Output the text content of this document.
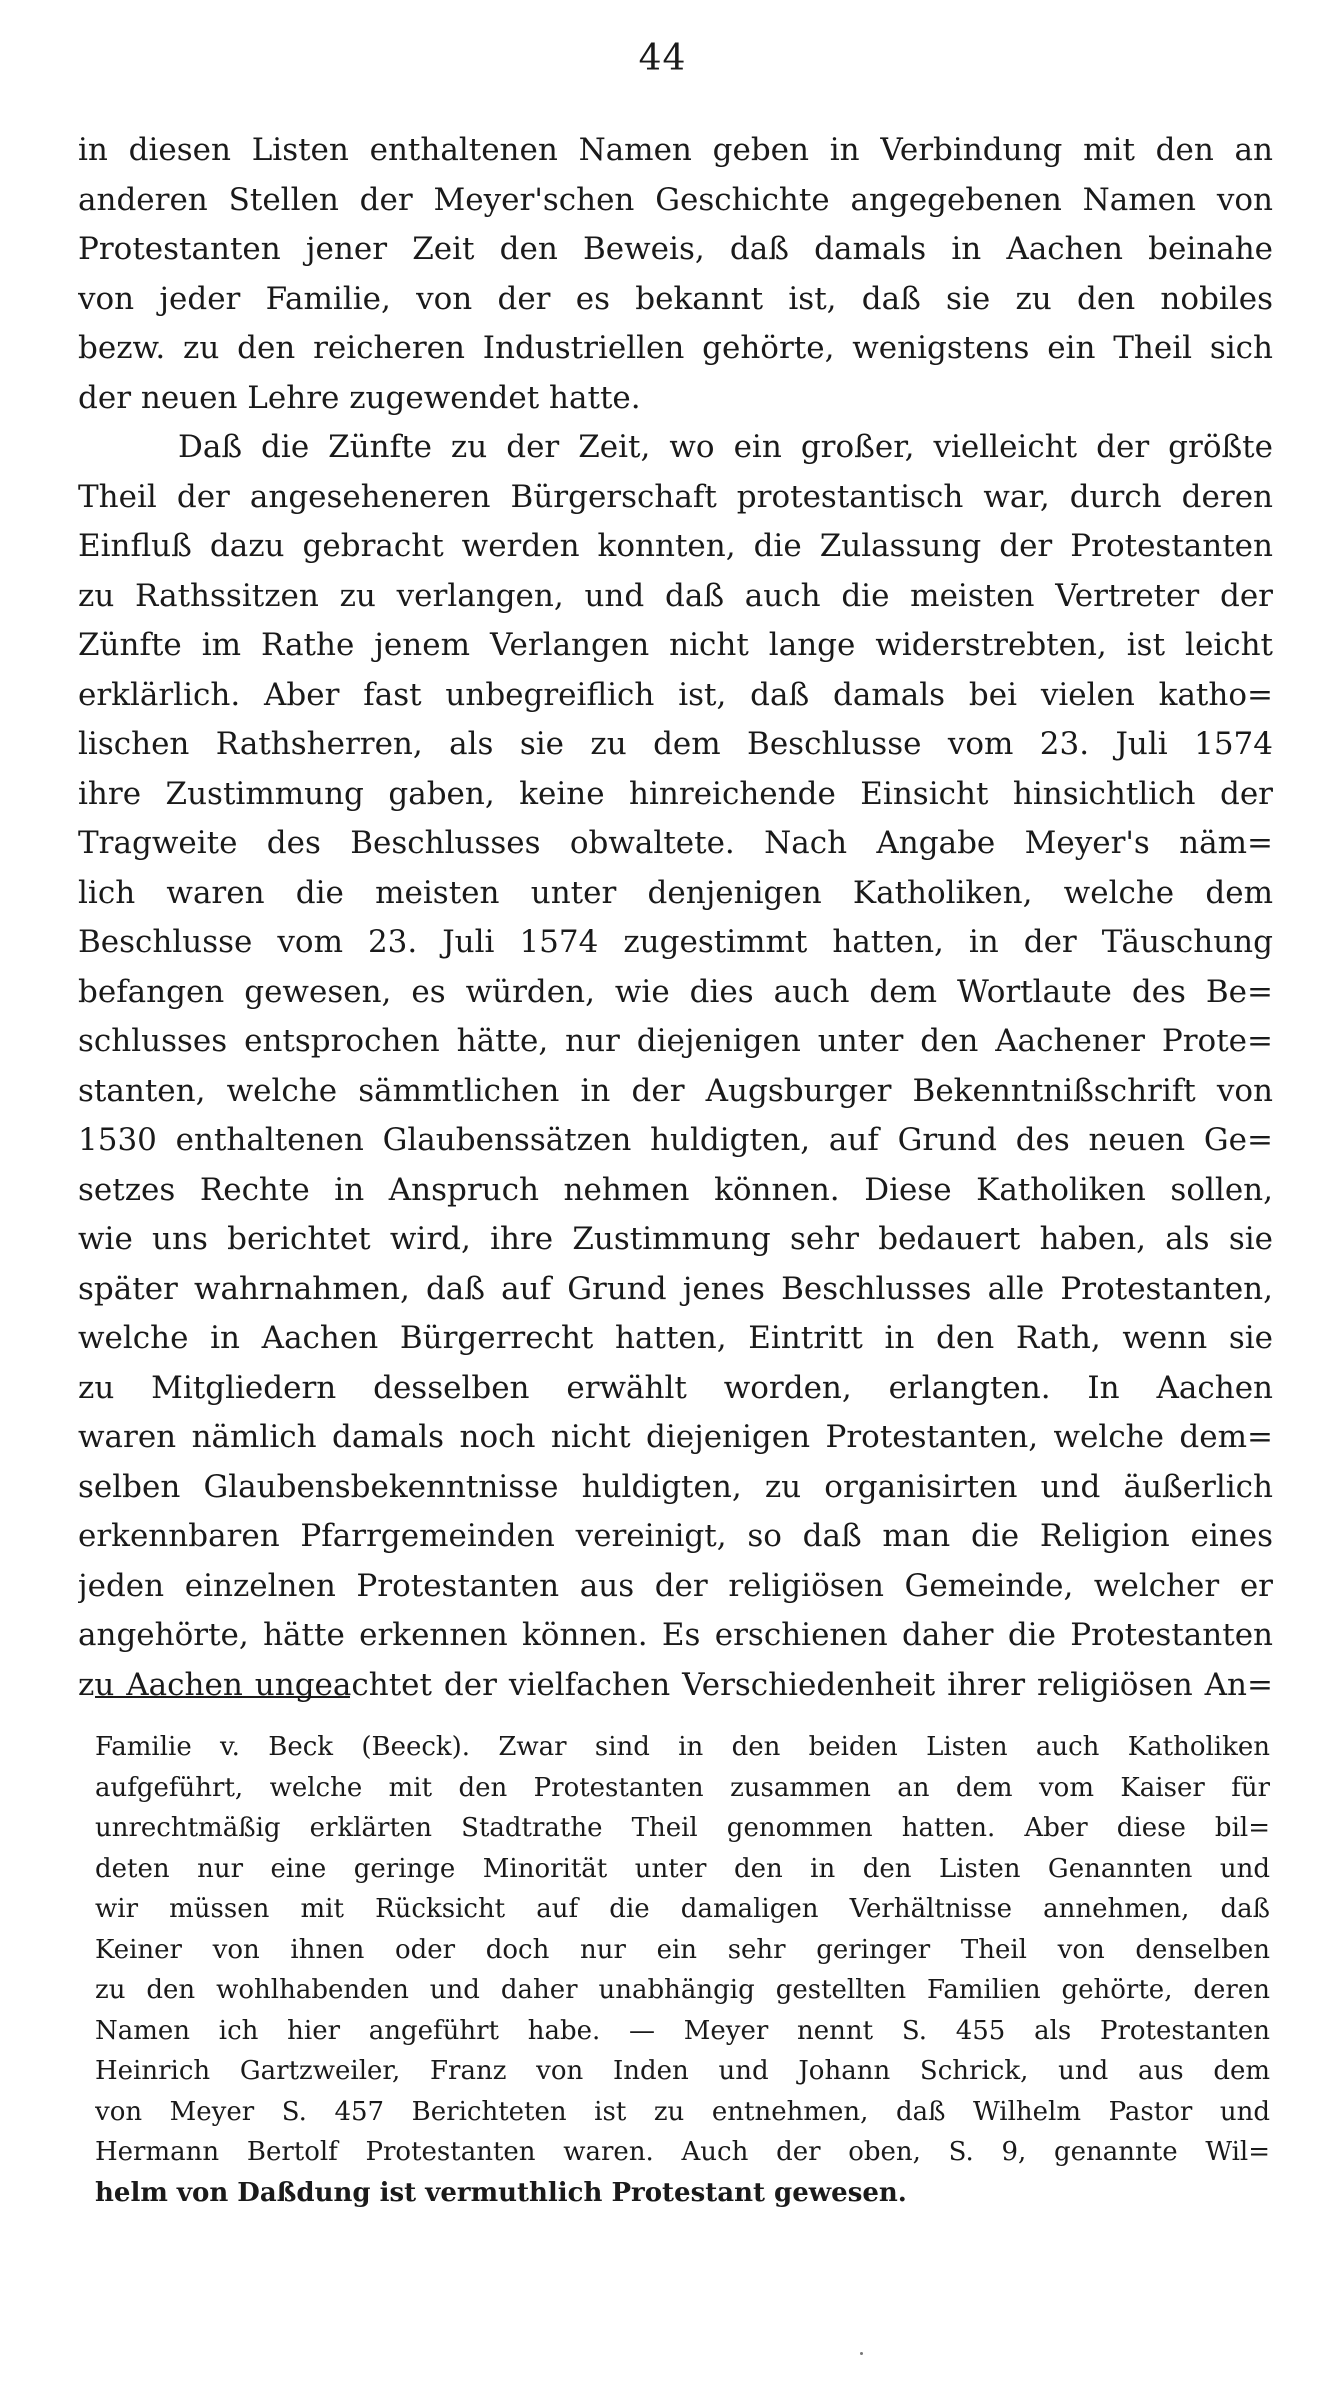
44
in diesen Listen enthaltenen Namen geben in Verbindung mit den an
anderen Stellen der Meyer'schen Geschichte angegebenen Namen von
Protestanten jener Zeit den Beweis, daß damals in Aachen beinahe
von jeder Familie, von der es bekannt ist, daß sie zu den nobiles
bezw. zu den reicheren Industriellen gehörte, wenigstens ein Theil sich
der neuen Lehre zugewendet hatte.
Daß die Zünfte zu der Zeit, wo ein großer, vielleicht der größte
Theil der angeseheneren Bürgerschaft protestantisch war, durch deren
Einfluß dazu gebracht werden konnten, die Zulassung der Protestanten
zu Rathssitzen zu verlangen, und daß auch die meisten Vertreter der
Zünfte im Rathe jenem Verlangen nicht lange widerstrebten, ist leicht
erklärlich. Aber fast unbegreiflich ist, daß damals bei vielen katho=
lischen Rathsherren, als sie zu dem Beschlusse vom 23. Juli 1574
ihre Zustimmung gaben, keine hinreichende Einsicht hinsichtlich der
Tragweite des Beschlusses obwaltete. Nach Angabe Meyer's näm=
lich waren die meisten unter denjenigen Katholiken, welche dem
Beschlusse vom 23. Juli 1574 zugestimmt hatten, in der Täuschung
befangen gewesen, es würden, wie dies auch dem Wortlaute des Be=
schlusses entsprochen hätte, nur diejenigen unter den Aachener Prote=
stanten, welche sämmtlichen in der Augsburger Bekenntnißschrift von
1530 enthaltenen Glaubenssätzen huldigten, auf Grund des neuen Ge=
setzes Rechte in Anspruch nehmen können. Diese Katholiken sollen,
wie uns berichtet wird, ihre Zustimmung sehr bedauert haben, als sie
später wahrnahmen, daß auf Grund jenes Beschlusses alle Protestanten,
welche in Aachen Bürgerrecht hatten, Eintritt in den Rath, wenn sie
zu Mitgliedern desselben erwählt worden, erlangten. In Aachen
waren nämlich damals noch nicht diejenigen Protestanten, welche dem=
selben Glaubensbekenntnisse huldigten, zu organisirten und äußerlich
erkennbaren Pfarrgemeinden vereinigt, so daß man die Religion eines
jeden einzelnen Protestanten aus der religiösen Gemeinde, welcher er
angehörte, hätte erkennen können. Es erschienen daher die Protestanten
zu Aachen ungeachtet der vielfachen Verschiedenheit ihrer religiösen An=
Familie v. Beck (Beeck). Zwar sind in den beiden Listen auch Katholiken
aufgeführt, welche mit den Protestanten zusammen an dem vom Kaiser für
unrechtmäßig erklärten Stadtrathe Theil genommen hatten. Aber diese bil=
deten nur eine geringe Minorität unter den in den Listen Genannten und
wir müssen mit Rücksicht auf die damaligen Verhältnisse annehmen, daß
Keiner von ihnen oder doch nur ein sehr geringer Theil von denselben
zu den wohlhabenden und daher unabhängig gestellten Familien gehörte, deren
Namen ich hier angeführt habe. — Meyer nennt S. 455 als Protestanten
Heinrich Gartzweiler, Franz von Inden und Johann Schrick, und aus dem
von Meyer S. 457 Berichteten ist zu entnehmen, daß Wilhelm Pastor und
Hermann Bertolf Protestanten waren. Auch der oben, S. 9, genannte Wil=
helm von Daßdung ist vermuthlich Protestant gewesen.
